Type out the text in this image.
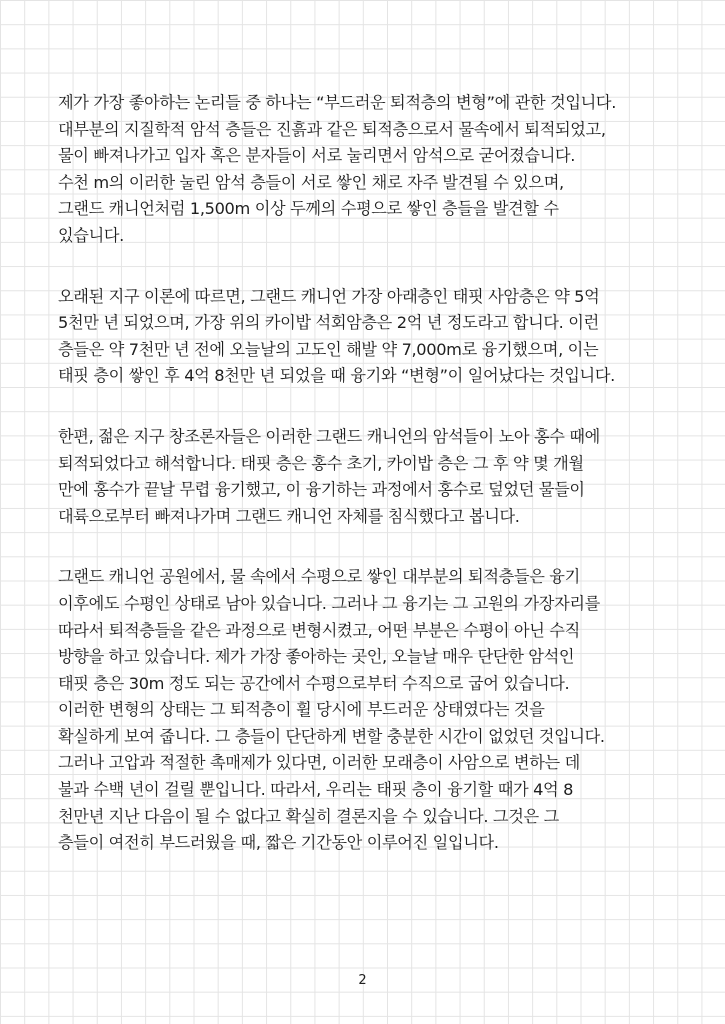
제가 가장 좋아하는 논리들 중 하나는 “부드러운 퇴적층의 변형”에 관한 것입니다.
대부분의 지질학적 암석 층들은 진흙과 같은 퇴적층으로서 물속에서 퇴적되었고,
물이 빠져나가고 입자 혹은 분자들이 서로 눌리면서 암석으로 굳어졌습니다.
수천 m의 이러한 눌린 암석 층들이 서로 쌓인 채로 자주 발견될 수 있으며,
그랜드 캐니언처럼 1,500m 이상 두께의 수평으로 쌓인 층들을 발견할 수
있습니다.
오래된 지구 이론에 따르면, 그랜드 캐니언 가장 아래층인 태핏 사암층은 약 5억
5천만 년 되었으며, 가장 위의 카이밥 석회암층은 2억 년 정도라고 합니다. 이런
층들은 약 7천만 년 전에 오늘날의 고도인 해발 약 7,000m로 융기했으며, 이는
태핏 층이 쌓인 후 4억 8천만 년 되었을 때 융기와 “변형”이 일어났다는 것입니다.
한편, 젊은 지구 창조론자들은 이러한 그랜드 캐니언의 암석들이 노아 홍수 때에
퇴적되었다고 해석합니다. 태핏 층은 홍수 초기, 카이밥 층은 그 후 약 몇 개월
만에 홍수가 끝날 무렵 융기했고, 이 융기하는 과정에서 홍수로 덮었던 물들이
대륙으로부터 빠져나가며 그랜드 캐니언 자체를 침식했다고 봅니다.
그랜드 캐니언 공원에서, 물 속에서 수평으로 쌓인 대부분의 퇴적층들은 융기
이후에도 수평인 상태로 남아 있습니다. 그러나 그 융기는 그 고원의 가장자리를
따라서 퇴적층들을 같은 과정으로 변형시켰고, 어떤 부분은 수평이 아닌 수직
방향을 하고 있습니다. 제가 가장 좋아하는 곳인, 오늘날 매우 단단한 암석인
태핏 층은 30m 정도 되는 공간에서 수평으로부터 수직으로 굽어 있습니다.
이러한 변형의 상태는 그 퇴적층이 휠 당시에 부드러운 상태였다는 것을
확실하게 보여 줍니다. 그 층들이 단단하게 변할 충분한 시간이 없었던 것입니다.
그러나 고압과 적절한 촉매제가 있다면, 이러한 모래층이 사암으로 변하는 데
불과 수백 년이 걸릴 뿐입니다. 따라서, 우리는 태핏 층이 융기할 때가 4억 8
천만년 지난 다음이 될 수 없다고 확실히 결론지을 수 있습니다. 그것은 그
층들이 여전히 부드러웠을 때, 짧은 기간동안 이루어진 일입니다.
2
